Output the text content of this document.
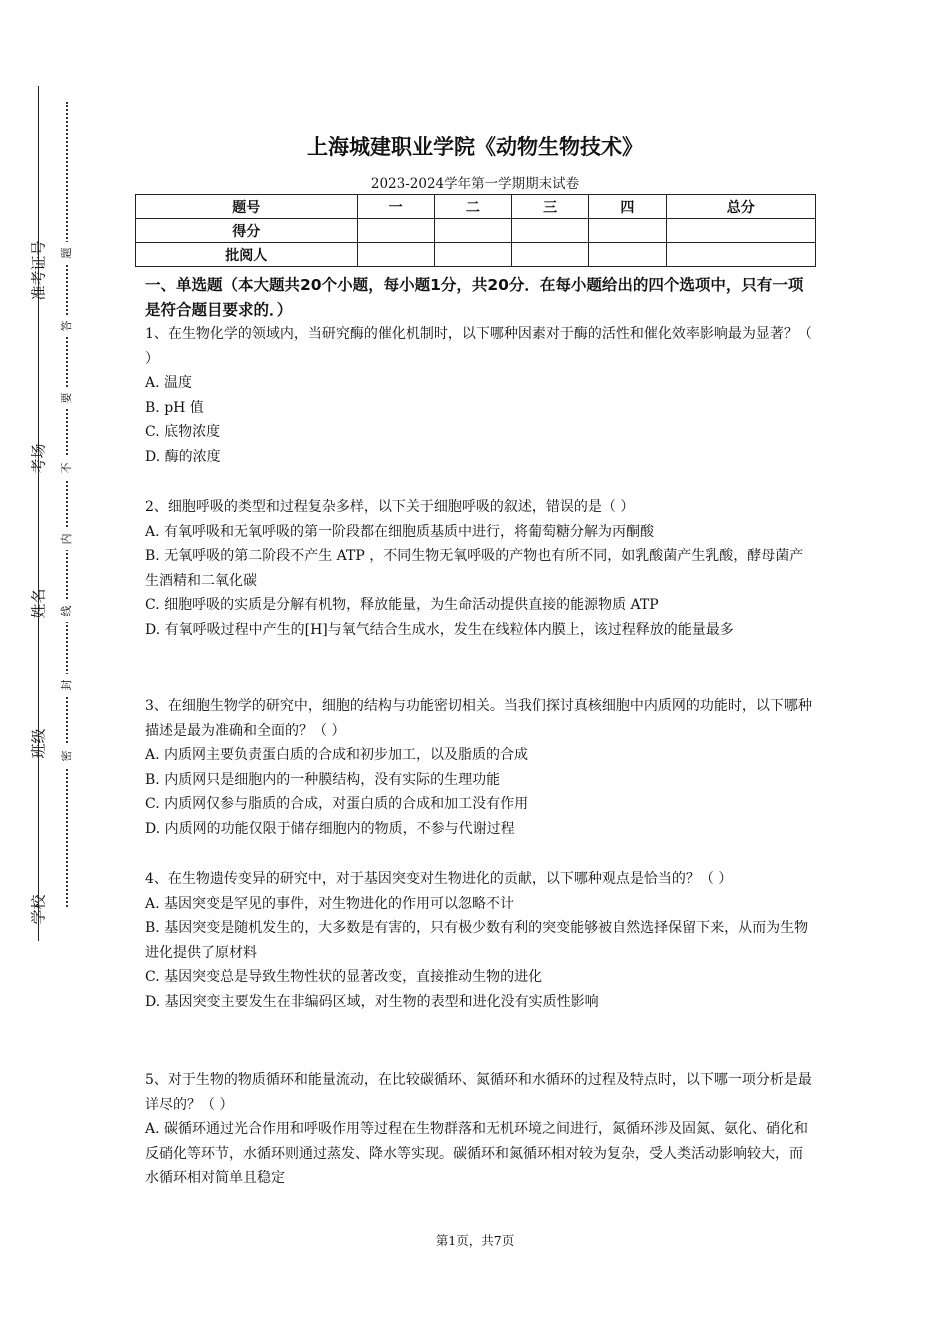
准考证号
考场
姓名
班级
学校
题
答
要
不
内
线
封
密
上海城建职业学院《动物生物技术》
2023-2024学年第一学期期末试卷
题号	一	二	三	四	总分
得分					
批阅人					
一、单选题（本大题共20个小题，每小题1分，共20分．在每小题给出的四个选项中，只有一项是符合题目要求的．）

1、在生物化学的领域内，当研究酶的催化机制时，以下哪种因素对于酶的活性和催化效率影响最为显著？（ ）

A. 温度

B. pH 值

C. 底物浓度

D. 酶的浓度

2、细胞呼吸的类型和过程复杂多样，以下关于细胞呼吸的叙述，错误的是（ ）

A. 有氧呼吸和无氧呼吸的第一阶段都在细胞质基质中进行，将葡萄糖分解为丙酮酸

B. 无氧呼吸的第二阶段不产生 ATP ，不同生物无氧呼吸的产物也有所不同，如乳酸菌产生乳酸，酵母菌产生酒精和二氧化碳

C. 细胞呼吸的实质是分解有机物，释放能量，为生命活动提供直接的能源物质 ATP

D. 有氧呼吸过程中产生的[H]与氧气结合生成水，发生在线粒体内膜上，该过程释放的能量最多

3、在细胞生物学的研究中，细胞的结构与功能密切相关。当我们探讨真核细胞中内质网的功能时，以下哪种描述是最为准确和全面的？（ ）

A. 内质网主要负责蛋白质的合成和初步加工，以及脂质的合成

B. 内质网只是细胞内的一种膜结构，没有实际的生理功能

C. 内质网仅参与脂质的合成，对蛋白质的合成和加工没有作用

D. 内质网的功能仅限于储存细胞内的物质，不参与代谢过程

4、在生物遗传变异的研究中，对于基因突变对生物进化的贡献，以下哪种观点是恰当的？（ ）

A. 基因突变是罕见的事件，对生物进化的作用可以忽略不计

B. 基因突变是随机发生的，大多数是有害的，只有极少数有利的突变能够被自然选择保留下来，从而为生物进化提供了原材料

C. 基因突变总是导致生物性状的显著改变，直接推动生物的进化

D. 基因突变主要发生在非编码区域，对生物的表型和进化没有实质性影响

5、对于生物的物质循环和能量流动，在比较碳循环、氮循环和水循环的过程及特点时，以下哪一项分析是最详尽的？（ ）

A. 碳循环通过光合作用和呼吸作用等过程在生物群落和无机环境之间进行，氮循环涉及固氮、氨化、硝化和反硝化等环节，水循环则通过蒸发、降水等实现。碳循环和氮循环相对较为复杂，受人类活动影响较大，而水循环相对简单且稳定

第1页，共7页
